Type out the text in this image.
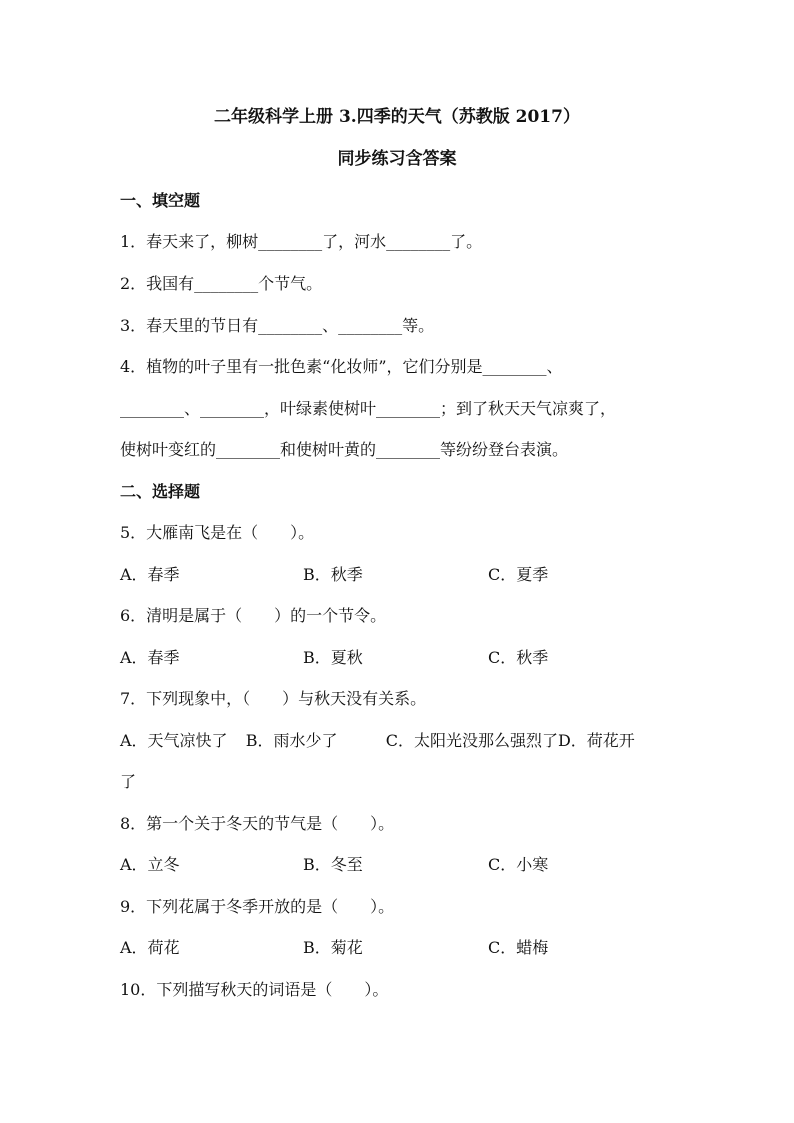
二年级科学上册 3.四季的天气（苏教版 2017）
同步练习含答案
一、填空题
1．春天来了，柳树________了，河水________了。
2．我国有________个节气。
3．春天里的节日有________、________等。
4．植物的叶子里有一批色素“化妆师”，它们分别是________、
________、________，叶绿素使树叶________；到了秋天天气凉爽了，
使树叶变红的________和使树叶黄的________等纷纷登台表演。
二、选择题
5．大雁南飞是在（　　）。
A．春季	B．秋季	C．夏季
6．清明是属于（　　）的一个节令。
A．春季	B．夏秋	C．秋季
7．下列现象中，（　　）与秋天没有关系。
A．天气凉快了 B．雨水少了	C．太阳光没那么强烈了D．荷花开
了
8．第一个关于冬天的节气是（　　）。
A．立冬	B．冬至	C．小寒
9．下列花属于冬季开放的是（　　）。
A．荷花	B．菊花	C．蜡梅
10．下列描写秋天的词语是（　　）。
